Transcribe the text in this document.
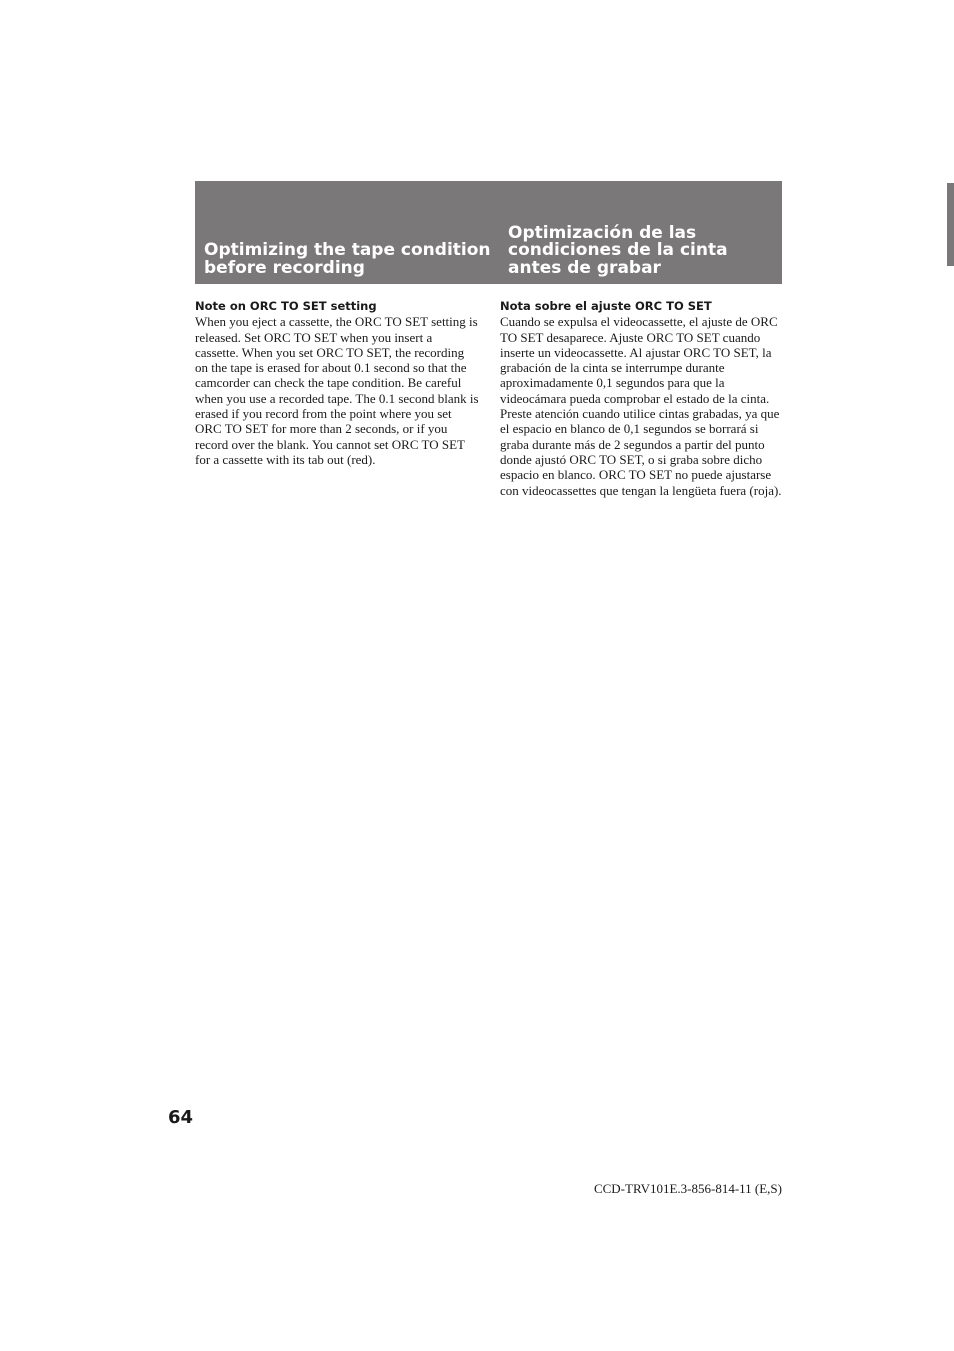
Optimizing the tape condition before recording
Optimización de las condiciones de la cinta antes de grabar

Note on ORC TO SET setting

When you eject a cassette, the ORC TO SET setting is released. Set ORC TO SET when you insert a cassette. When you set ORC TO SET, the recording on the tape is erased for about 0.1 second so that the camcorder can check the tape condition. Be careful when you use a recorded tape. The 0.1 second blank is erased if you record from the point where you set ORC TO SET for more than 2 seconds, or if you record over the blank. You cannot set ORC TO SET for a cassette with its tab out (red).

Nota sobre el ajuste ORC TO SET

Cuando se expulsa el videocassette, el ajuste de ORC TO SET desaparece. Ajuste ORC TO SET cuando inserte un videocassette. Al ajustar ORC TO SET, la grabación de la cinta se interrumpe durante aproximadamente 0,1 segundos para que la videocámara pueda comprobar el estado de la cinta. Preste atención cuando utilice cintas grabadas, ya que el espacio en blanco de 0,1 segundos se borrará si graba durante más de 2 segundos a partir del punto donde ajustó ORC TO SET, o si graba sobre dicho espacio en blanco. ORC TO SET no puede ajustarse con videocassettes que tengan la lengüeta fuera (roja).

64
CCD-TRV101E.3-856-814-11 (E,S)
